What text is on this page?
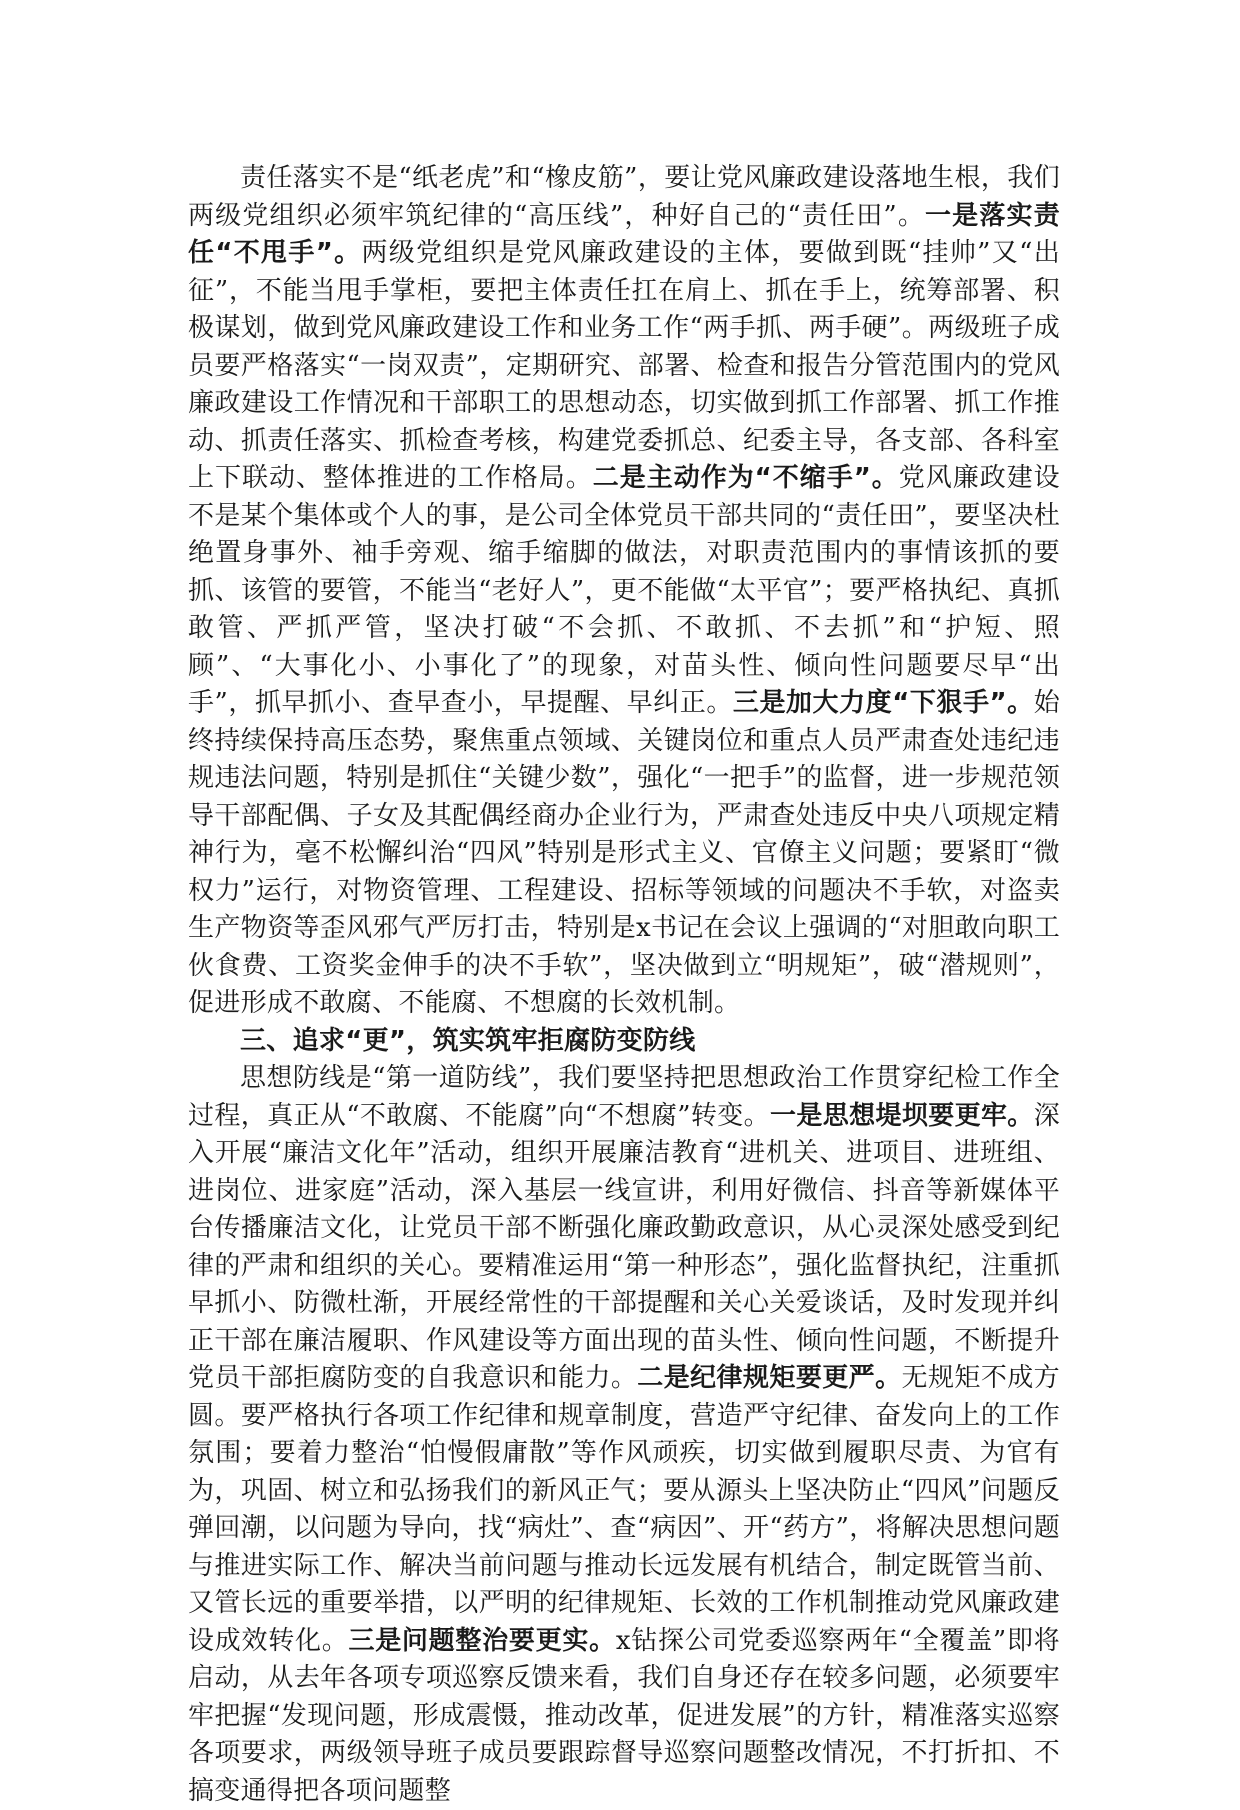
责任落实不是“纸老虎”和“橡皮筋”，要让党风廉政建设落地生根，我们两级党组织必须牢筑纪律的“高压线”，种好自己的“责任田”。一是落实责任“不甩手”。两级党组织是党风廉政建设的主体，要做到既“挂帅”又“出征”，不能当甩手掌柜，要把主体责任扛在肩上、抓在手上，统筹部署、积极谋划，做到党风廉政建设工作和业务工作“两手抓、两手硬”。两级班子成员要严格落实“一岗双责”，定期研究、部署、检查和报告分管范围内的党风廉政建设工作情况和干部职工的思想动态，切实做到抓工作部署、抓工作推动、抓责任落实、抓检查考核，构建党委抓总、纪委主导，各支部、各科室上下联动、整体推进的工作格局。二是主动作为“不缩手”。党风廉政建设不是某个集体或个人的事，是公司全体党员干部共同的“责任田”，要坚决杜绝置身事外、袖手旁观、缩手缩脚的做法，对职责范围内的事情该抓的要抓、该管的要管，不能当“老好人”，更不能做“太平官”；要严格执纪、真抓敢管、严抓严管，坚决打破“不会抓、不敢抓、不去抓”和“护短、照顾”、“大事化小、小事化了”的现象，对苗头性、倾向性问题要尽早“出手”，抓早抓小、查早查小，早提醒、早纠正。三是加大力度“下狠手”。始终持续保持高压态势，聚焦重点领域、关键岗位和重点人员严肃查处违纪违规违法问题，特别是抓住“关键少数”，强化“一把手”的监督，进一步规范领导干部配偶、子女及其配偶经商办企业行为，严肃查处违反中央八项规定精神行为，毫不松懈纠治“四风”特别是形式主义、官僚主义问题；要紧盯“微权力”运行，对物资管理、工程建设、招标等领域的问题决不手软，对盗卖生产物资等歪风邪气严厉打击，特别是x书记在会议上强调的“对胆敢向职工伙食费、工资奖金伸手的决不手软”，坚决做到立“明规矩”，破“潜规则”，促进形成不敢腐、不能腐、不想腐的长效机制。

三、追求“更”，筑实筑牢拒腐防变防线

思想防线是“第一道防线”，我们要坚持把思想政治工作贯穿纪检工作全过程，真正从“不敢腐、不能腐”向“不想腐”转变。一是思想堤坝要更牢。深入开展“廉洁文化年”活动，组织开展廉洁教育“进机关、进项目、进班组、进岗位、进家庭”活动，深入基层一线宣讲，利用好微信、抖音等新媒体平台传播廉洁文化，让党员干部不断强化廉政勤政意识，从心灵深处感受到纪律的严肃和组织的关心。要精准运用“第一种形态”，强化监督执纪，注重抓早抓小、防微杜渐，开展经常性的干部提醒和关心关爱谈话，及时发现并纠正干部在廉洁履职、作风建设等方面出现的苗头性、倾向性问题，不断提升党员干部拒腐防变的自我意识和能力。二是纪律规矩要更严。无规矩不成方圆。要严格执行各项工作纪律和规章制度，营造严守纪律、奋发向上的工作氛围；要着力整治“怕慢假庸散”等作风顽疾，切实做到履职尽责、为官有为，巩固、树立和弘扬我们的新风正气；要从源头上坚决防止“四风”问题反弹回潮，以问题为导向，找“病灶”、查“病因”、开“药方”，将解决思想问题与推进实际工作、解决当前问题与推动长远发展有机结合，制定既管当前、又管长远的重要举措，以严明的纪律规矩、长效的工作机制推动党风廉政建设成效转化。三是问题整治要更实。x钻探公司党委巡察两年“全覆盖”即将启动，从去年各项专项巡察反馈来看，我们自身还存在较多问题，必须要牢牢把握“发现问题，形成震慑，推动改革，促进发展”的方针，精准落实巡察各项要求，两级领导班子成员要跟踪督导巡察问题整改情况，不打折扣、不搞变通得把各项问题整
